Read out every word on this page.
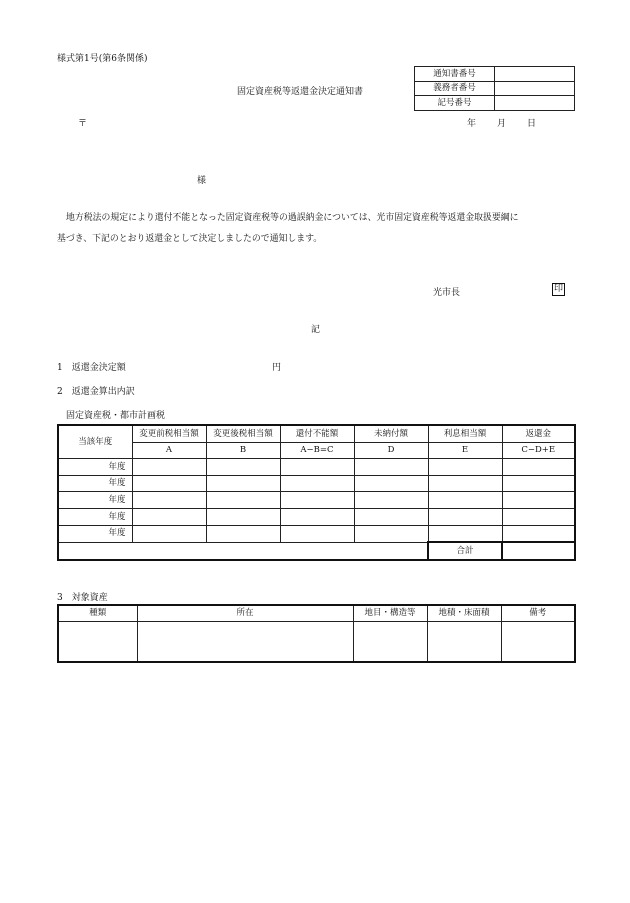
様式第1号(第6条関係)
固定資産税等返還金決定通知書
通知書番号	
義務者番号	
記号番号	
〒	年 月 日
様
地方税法の規定により還付不能となった固定資産税等の過誤納金については、光市固定資産税等返還金取扱要綱に
基づき、下記のとおり返還金として決定しましたので通知します。
光市長	印
記
1　返還金決定額	円
2　返還金算出内訳
固定資産税・都市計画税
当該年度	変更前税相当額	変更後税相当額	還付不能額	未納付額	利息相当額	返還金
	A	B	A−B=C	D	E	C−D+E
年度						
年度						
年度						
年度						
年度						
					合計	
3　対象資産
種類	所在	地目・構造等	地積・床面積	備考
